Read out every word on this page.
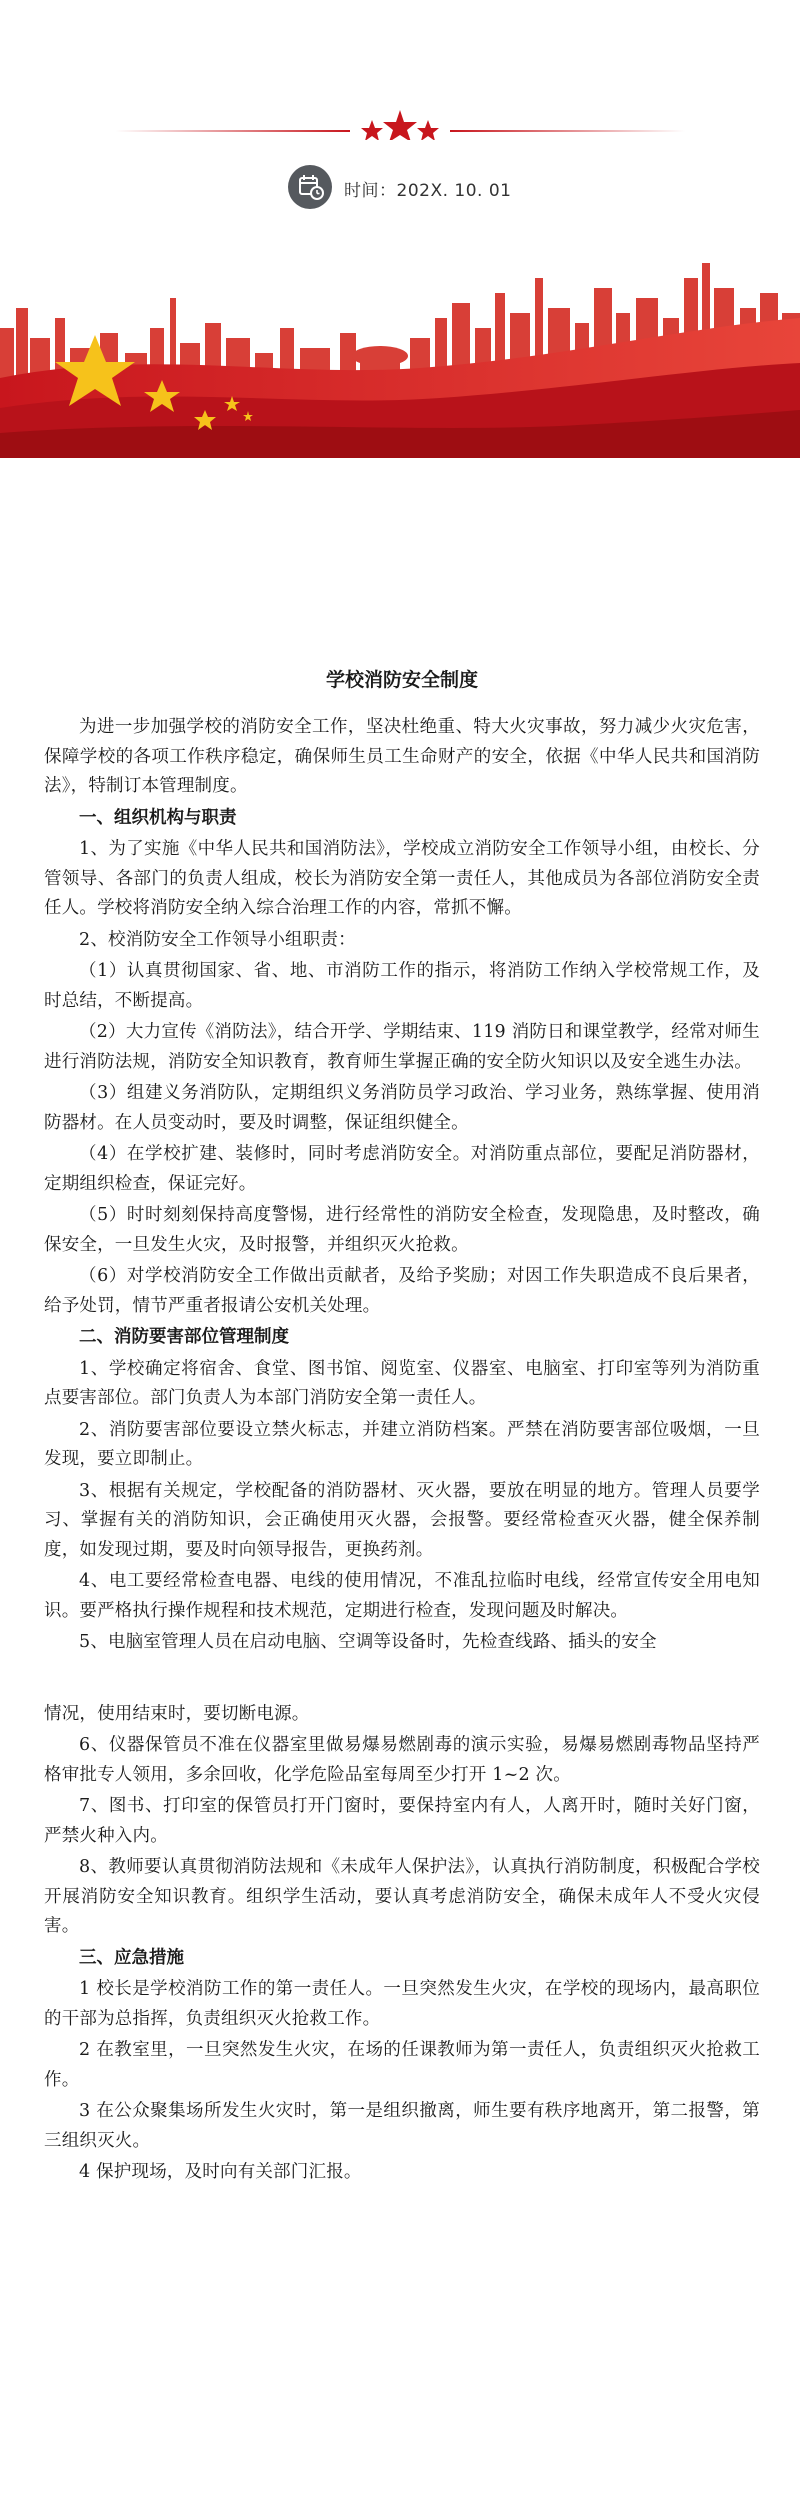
时间：202X. 10. 01
学校消防安全制度
为进一步加强学校的消防安全工作，坚决杜绝重、特大火灾事故，努力减少火灾危害，保障学校的各项工作秩序稳定，确保师生员工生命财产的安全，依据《中华人民共和国消防法》，特制订本管理制度。
一、组织机构与职责
1、为了实施《中华人民共和国消防法》，学校成立消防安全工作领导小组，由校长、分管领导、各部门的负责人组成，校长为消防安全第一责任人，其他成员为各部位消防安全责任人。学校将消防安全纳入综合治理工作的内容，常抓不懈。
2、校消防安全工作领导小组职责：
（1）认真贯彻国家、省、地、市消防工作的指示，将消防工作纳入学校常规工作，及时总结，不断提高。
（2）大力宣传《消防法》，结合开学、学期结束、119 消防日和课堂教学，经常对师生进行消防法规，消防安全知识教育，教育师生掌握正确的安全防火知识以及安全逃生办法。
（3）组建义务消防队，定期组织义务消防员学习政治、学习业务，熟练掌握、使用消防器材。在人员变动时，要及时调整，保证组织健全。
（4）在学校扩建、装修时，同时考虑消防安全。对消防重点部位，要配足消防器材，定期组织检查，保证完好。
（5）时时刻刻保持高度警惕，进行经常性的消防安全检查，发现隐患，及时整改，确保安全，一旦发生火灾，及时报警，并组织灭火抢救。
（6）对学校消防安全工作做出贡献者，及给予奖励；对因工作失职造成不良后果者，给予处罚，情节严重者报请公安机关处理。
二、消防要害部位管理制度
1、学校确定将宿舍、食堂、图书馆、阅览室、仪器室、电脑室、打印室等列为消防重点要害部位。部门负责人为本部门消防安全第一责任人。
2、消防要害部位要设立禁火标志，并建立消防档案。严禁在消防要害部位吸烟，一旦发现，要立即制止。
3、根据有关规定，学校配备的消防器材、灭火器，要放在明显的地方。管理人员要学习、掌握有关的消防知识，会正确使用灭火器，会报警。要经常检查灭火器，健全保养制度，如发现过期，要及时向领导报告，更换药剂。
4、电工要经常检查电器、电线的使用情况，不准乱拉临时电线，经常宣传安全用电知识。要严格执行操作规程和技术规范，定期进行检查，发现问题及时解决。
5、电脑室管理人员在启动电脑、空调等设备时，先检查线路、插头的安全
情况，使用结束时，要切断电源。
6、仪器保管员不准在仪器室里做易爆易燃剧毒的演示实验，易爆易燃剧毒物品坚持严格审批专人领用，多余回收，化学危险品室每周至少打开 1~2 次。
7、图书、打印室的保管员打开门窗时，要保持室内有人，人离开时，随时关好门窗，严禁火种入内。
8、教师要认真贯彻消防法规和《未成年人保护法》，认真执行消防制度，积极配合学校开展消防安全知识教育。组织学生活动，要认真考虑消防安全，确保未成年人不受火灾侵害。
三、应急措施
1 校长是学校消防工作的第一责任人。一旦突然发生火灾，在学校的现场内，最高职位的干部为总指挥，负责组织灭火抢救工作。
2 在教室里，一旦突然发生火灾，在场的任课教师为第一责任人，负责组织灭火抢救工作。
3 在公众聚集场所发生火灾时，第一是组织撤离，师生要有秩序地离开，第二报警，第三组织灭火。
4 保护现场，及时向有关部门汇报。
